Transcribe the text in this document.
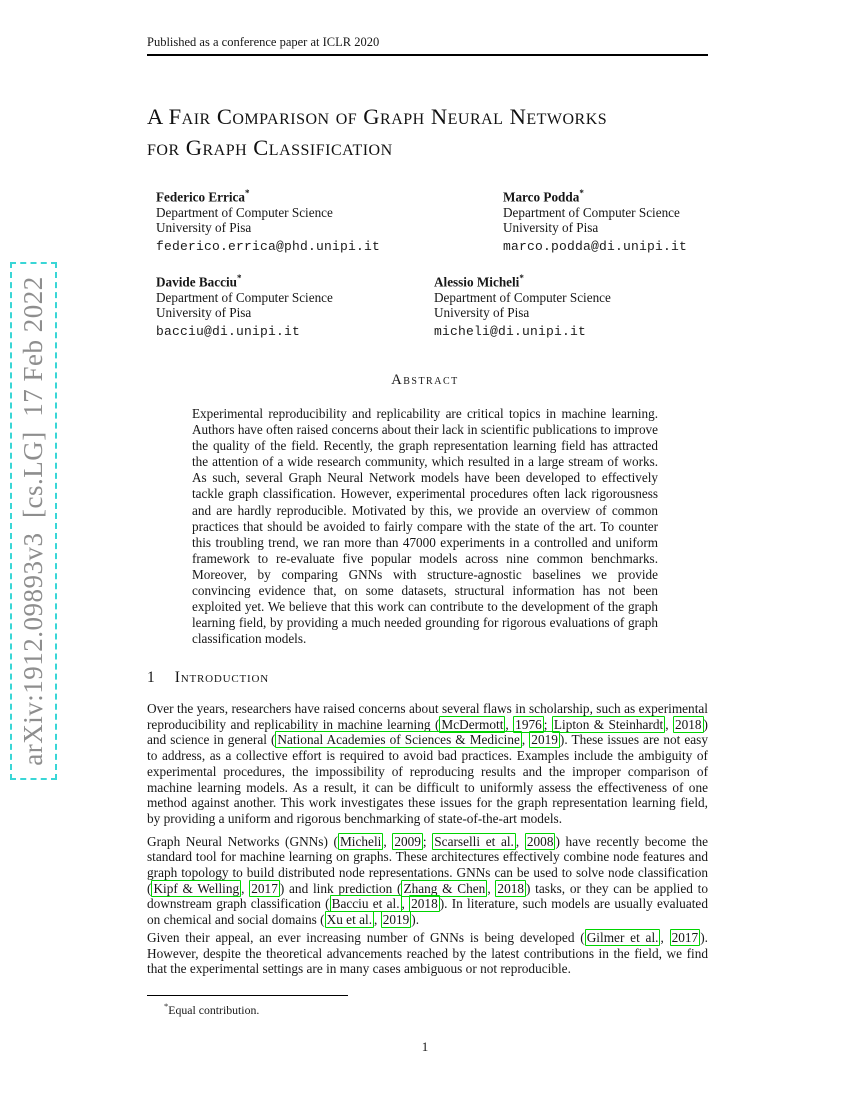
arXiv:1912.09893v3  [cs.LG]  17 Feb 2022
Published as a conference paper at ICLR 2020
A Fair Comparison of Graph Neural Networks
for Graph Classification
Federico Errica*
Department of Computer Science
University of Pisa
federico.errica@phd.unipi.it
Marco Podda*
Department of Computer Science
University of Pisa
marco.podda@di.unipi.it
Davide Bacciu*
Department of Computer Science
University of Pisa
bacciu@di.unipi.it
Alessio Micheli*
Department of Computer Science
University of Pisa
micheli@di.unipi.it
Abstract
Experimental reproducibility and replicability are critical topics in machine learning. Authors have often raised concerns about their lack in scientific publications to improve the quality of the field. Recently, the graph representation learning field has attracted the attention of a wide research community, which resulted in a large stream of works. As such, several Graph Neural Network models have been developed to effectively tackle graph classification. However, experimental procedures often lack rigorousness and are hardly reproducible. Motivated by this, we provide an overview of common practices that should be avoided to fairly compare with the state of the art. To counter this troubling trend, we ran more than 47000 experiments in a controlled and uniform framework to re-evaluate five popular models across nine common benchmarks. Moreover, by comparing GNNs with structure-agnostic baselines we provide convincing evidence that, on some datasets, structural information has not been exploited yet. We believe that this work can contribute to the development of the graph learning field, by providing a much needed grounding for rigorous evaluations of graph classification models.
1 Introduction

Over the years, researchers have raised concerns about several flaws in scholarship, such as experimental reproducibility and replicability in machine learning ( McDermott , 1976 ; Lipton & Steinhardt , 2018 ) and science in general ( National Academies of Sciences & Medicine , 2019 ). These issues are not easy to address, as a collective effort is required to avoid bad practices. Examples include the ambiguity of experimental procedures, the impossibility of reproducing results and the improper comparison of machine learning models. As a result, it can be difficult to uniformly assess the effectiveness of one method against another. This work investigates these issues for the graph representation learning field, by providing a uniform and rigorous benchmarking of state-of-the-art models.

Graph Neural Networks (GNNs) ( Micheli , 2009 ; Scarselli et al. , 2008 ) have recently become the standard tool for machine learning on graphs. These architectures effectively combine node features and graph topology to build distributed node representations. GNNs can be used to solve node classification ( Kipf & Welling , 2017 ) and link prediction ( Zhang & Chen , 2018 ) tasks, or they can be applied to downstream graph classification ( Bacciu et al. , 2018 ). In literature, such models are usually evaluated on chemical and social domains ( Xu et al. , 2019 ).

Given their appeal, an ever increasing number of GNNs is being developed ( Gilmer et al. , 2017 ). However, despite the theoretical advancements reached by the latest contributions in the field, we find that the experimental settings are in many cases ambiguous or not reproducible.

*Equal contribution.
1
